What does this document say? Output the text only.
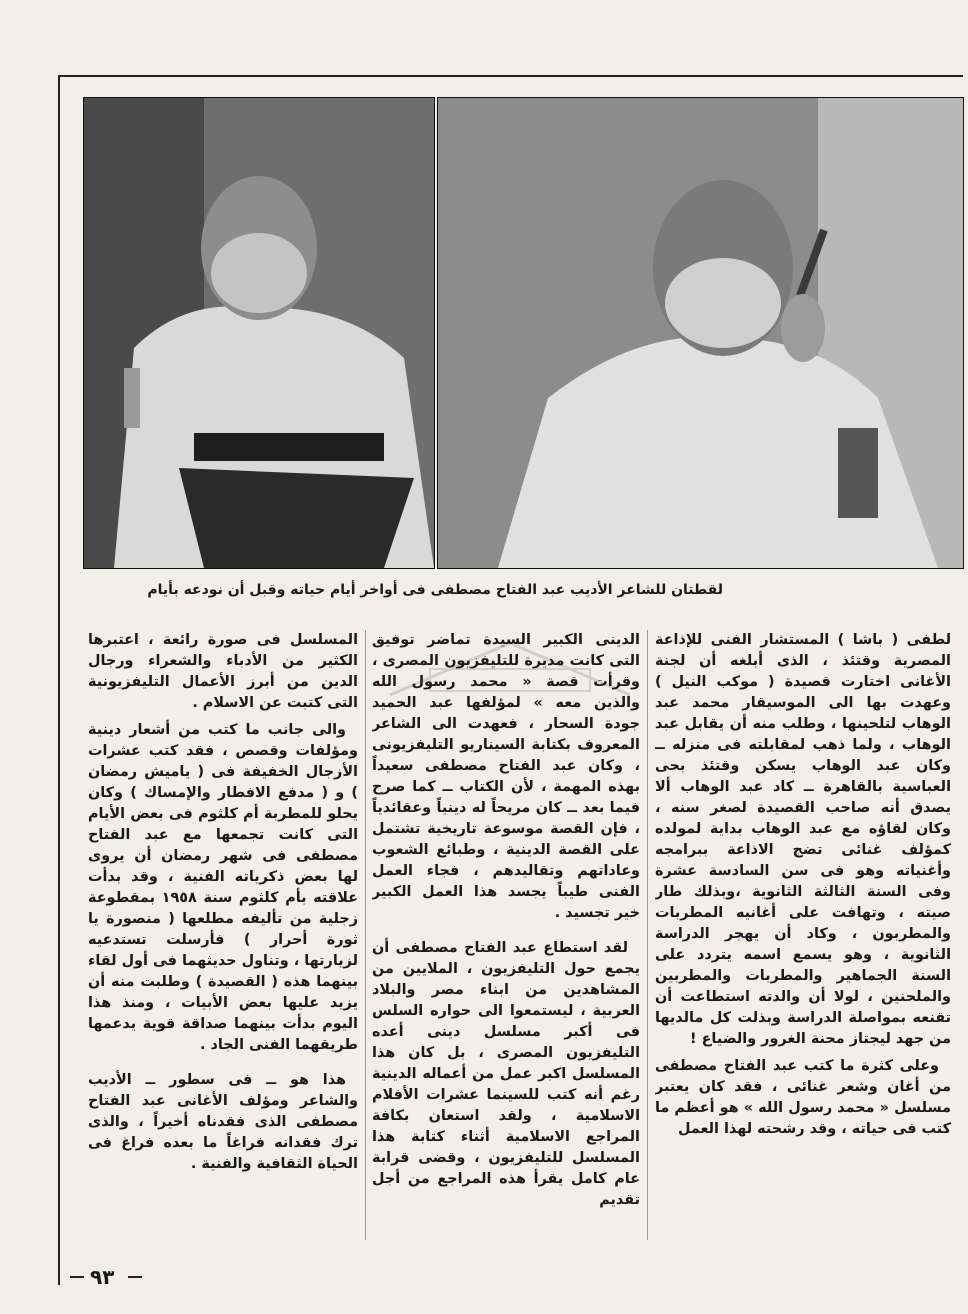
لقطتان للشاعر الأديب عبد الفتاح مصطفى فى أواخر أيام حياته وقبل أن نودعه بأيام

لطفى ( باشا ) المستشار الفنى للإذاعة المصرية وقتئذ ، الذى أبلغه أن لجنة الأغانى اختارت قصيدة ( موكب النيل ) وعهدت بها الى الموسيقار محمد عبد الوهاب لتلحينها ، وطلب منه أن يقابل عبد الوهاب ، ولما ذهب لمقابلته فى منزله ــ وكان عبد الوهاب يسكن وقتئذ بحى العباسية بالقاهرة ــ كاد عبد الوهاب ألا يصدق أنه صاحب القصيدة لصغر سنه ، وكان لقاؤه مع عبد الوهاب بداية لمولده كمؤلف غنائى تضج الاذاعة ببرامجه وأغنياته وهو فى سن السادسة عشرة وفى السنة الثالثة الثانوية ،وبذلك طار صيته ، وتهافت على أغانيه المطربات والمطربون ، وكاد أن يهجر الدراسة الثانوية ، وهو يسمع اسمه يتردد على السنة الجماهير والمطربات والمطربين والملحنين ، لولا أن والدته استطاعت أن تقنعه بمواصلة الدراسة وبذلت كل مالديها من جهد ليجتاز محنة الغرور والضياع !

وعلى كثرة ما كتب عبد الفتاح مصطفى من أغان وشعر غنائى ، فقد كان يعتبر مسلسل « محمد رسول الله » هو أعظم ما كتب فى حياته ، وقد رشحته لهذا العمل

الدينى الكبير السيدة تماضر توفيق التى كانت مديرة للتليفزيون المصرى ، وقرأت قصة « محمد رسول الله والذين معه » لمؤلفها عبد الحميد جودة السحار ، فعهدت الى الشاعر المعروف بكتابة السيناريو التليفزيونى ، وكان عبد الفتاح مصطفى سعيداً بهذه المهمة ، لأن الكتاب ــ كما صرح فيما بعد ــ كان مريحاً له دينياً وعقائدياً ، فإن القصة موسوعة تاريخية تشتمل على القصة الدينية ، وطبائع الشعوب وعاداتهم وتقاليدهم ، فجاء العمل الفنى طيباً يجسد هذا العمل الكبير خير تجسيد .

لقد استطاع عبد الفتاح مصطفى أن يجمع حول التليفزيون ، الملايين من المشاهدين من ابناء مصر والبلاد العربية ، ليستمعوا الى حواره السلس فى أكبر مسلسل دينى أعده التليفزيون المصرى ، بل كان هذا المسلسل اكبر عمل من أعماله الدينية رغم أنه كتب للسينما عشرات الأفلام الاسلامية ، ولقد استعان بكافة المراجع الاسلامية أثناء كتابة هذا المسلسل للتليفزيون ، وقضى قرابة عام كامل يقرأ هذه المراجع من أجل تقديم

المسلسل فى صورة رائعة ، اعتبرها الكثير من الأدباء والشعراء ورجال الدين من أبرز الأعمال التليفزيونية التى كتبت عن الاسلام .

والى جانب ما كتب من أشعار دينية ومؤلفات وقصص ، فقد كتب عشرات الأزجال الخفيفة فى ( ياميش رمضان ) و ( مدفع الافطار والإمساك ) وكان يحلو للمطربة أم كلثوم فى بعض الأيام التى كانت تجمعها مع عبد الفتاح مصطفى فى شهر رمضان أن يروى لها بعض ذكرياته الفنية ، وقد بدأت علاقته بأم كلثوم سنة ١٩٥٨ بمقطوعة زجلية من تأليفه مطلعها ( منصورة يا ثورة أحرار ) فأرسلت تستدعيه لزيارتها ، وتناول حديثهما فى أول لقاء بينهما هذه ( القصيدة ) وطلبت منه أن يزيد عليها بعض الأبيات ، ومنذ هذا اليوم بدأت بينهما صداقة قوية يدعمها طريقهما الفنى الجاد .

هذا هو ــ فى سطور ــ الأديب والشاعر ومؤلف الأغانى عبد الفتاح مصطفى الذى فقدناه أخيراً ، والذى ترك فقدانه فراغاً ما بعده فراغ فى الحياة الثقافية والفنية .

٩٣
